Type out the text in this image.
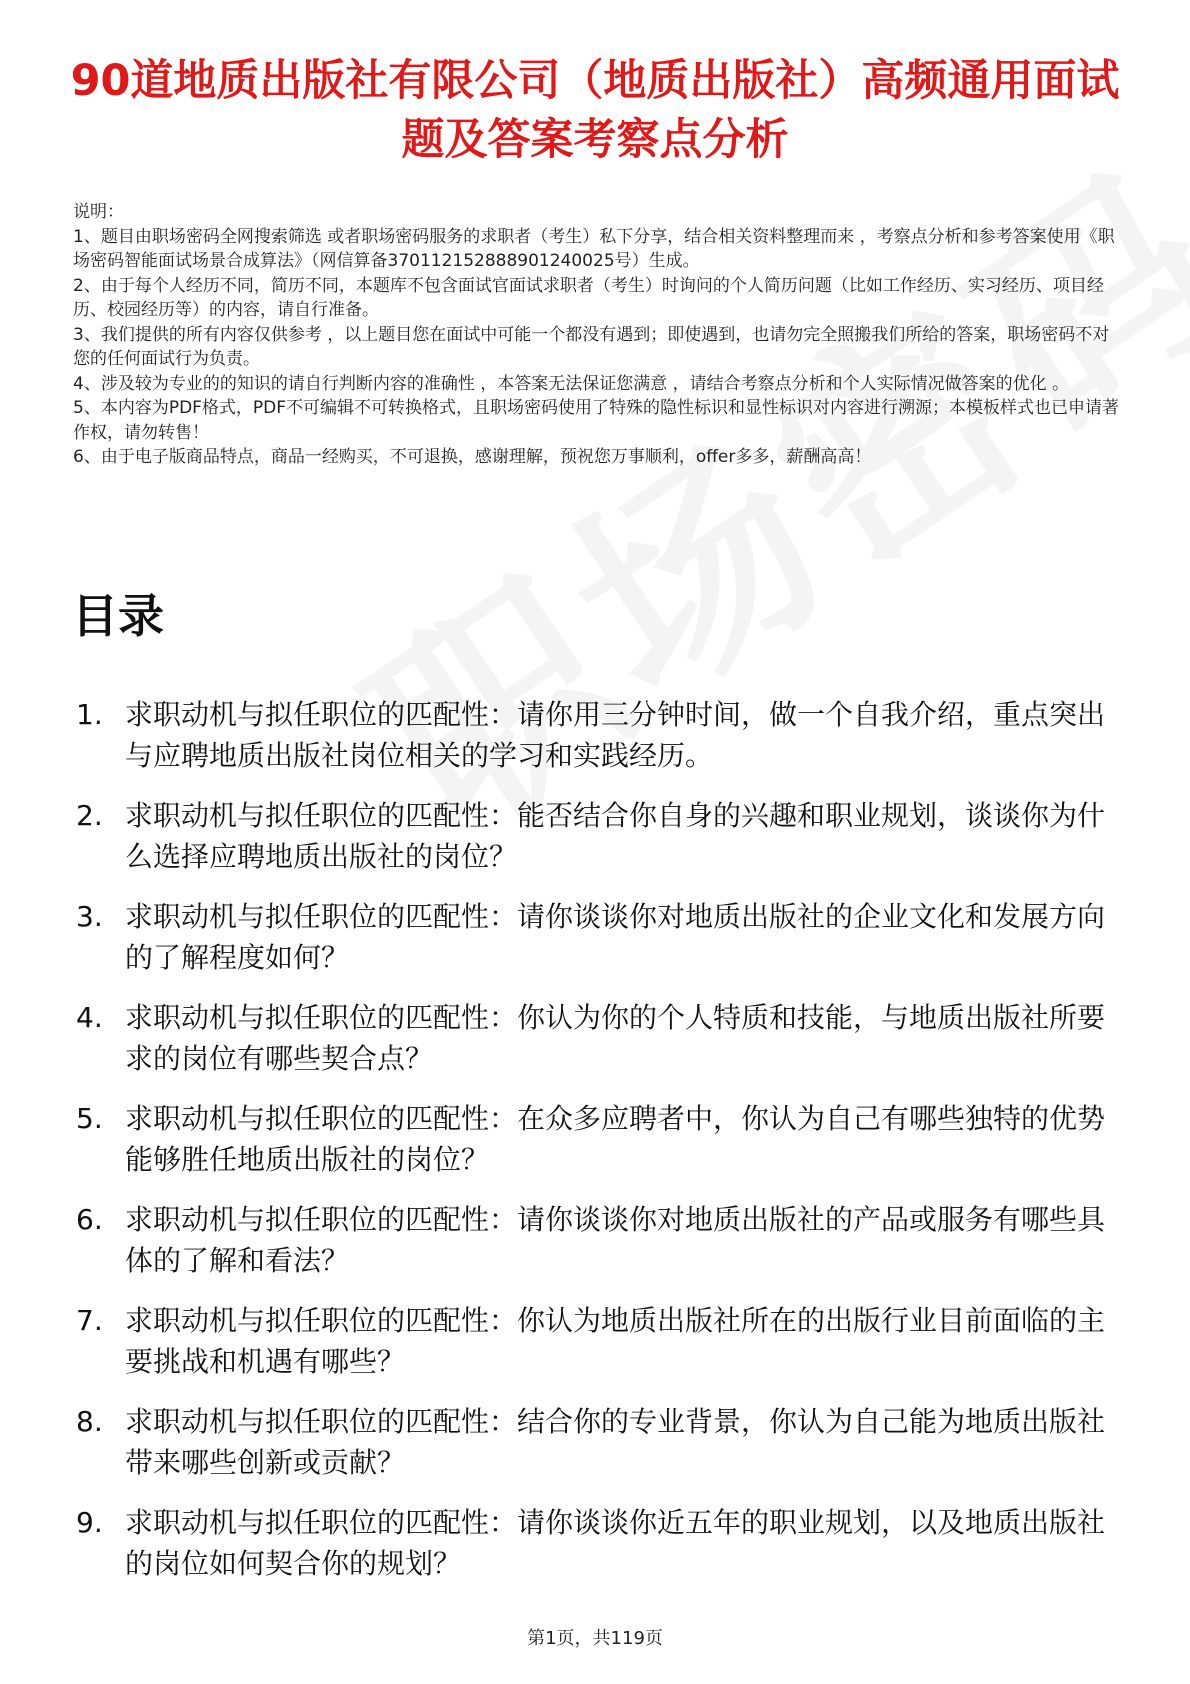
90道地质出版社有限公司（地质出版社）高频通用面试题及答案考察点分析
说明：
1、题目由职场密码全网搜索筛选 或者职场密码服务的求职者（考生）私下分享，结合相关资料整理而来 ，考察点分析和参考答案使用《职场密码智能面试场景合成算法》（网信算备370112152888901240025号）生成。
2、由于每个人经历不同，简历不同，本题库不包含面试官面试求职者（考生）时询问的个人简历问题（比如工作经历、实习经历、项目经历、校园经历等）的内容，请自行准备。
3、我们提供的所有内容仅供参考 ，以上题目您在面试中可能一个都没有遇到；即使遇到，也请勿完全照搬我们所给的答案，职场密码不对您的任何面试行为负责。
4、涉及较为专业的的知识的请自行判断内容的准确性 ，本答案无法保证您满意 ，请结合考察点分析和个人实际情况做答案的优化 。
5、本内容为PDF格式，PDF不可编辑不可转换格式，且职场密码使用了特殊的隐性标识和显性标识对内容进行溯源；本模板样式也已申请著作权，请勿转售！
6、由于电子版商品特点，商品一经购买，不可退换，感谢理解，预祝您万事顺利，offer多多，薪酬高高！
目录
1. 求职动机与拟任职位的匹配性：请你用三分钟时间，做一个自我介绍，重点突出与应聘地质出版社岗位相关的学习和实践经历。
2. 求职动机与拟任职位的匹配性：能否结合你自身的兴趣和职业规划，谈谈你为什么选择应聘地质出版社的岗位？
3. 求职动机与拟任职位的匹配性：请你谈谈你对地质出版社的企业文化和发展方向的了解程度如何？
4. 求职动机与拟任职位的匹配性：你认为你的个人特质和技能，与地质出版社所要求的岗位有哪些契合点？
5. 求职动机与拟任职位的匹配性：在众多应聘者中，你认为自己有哪些独特的优势能够胜任地质出版社的岗位？
6. 求职动机与拟任职位的匹配性：请你谈谈你对地质出版社的产品或服务有哪些具体的了解和看法？
7. 求职动机与拟任职位的匹配性：你认为地质出版社所在的出版行业目前面临的主要挑战和机遇有哪些？
8. 求职动机与拟任职位的匹配性：结合你的专业背景，你认为自己能为地质出版社带来哪些创新或贡献？
9. 求职动机与拟任职位的匹配性：请你谈谈你近五年的职业规划，以及地质出版社的岗位如何契合你的规划？
第1页，共119页
